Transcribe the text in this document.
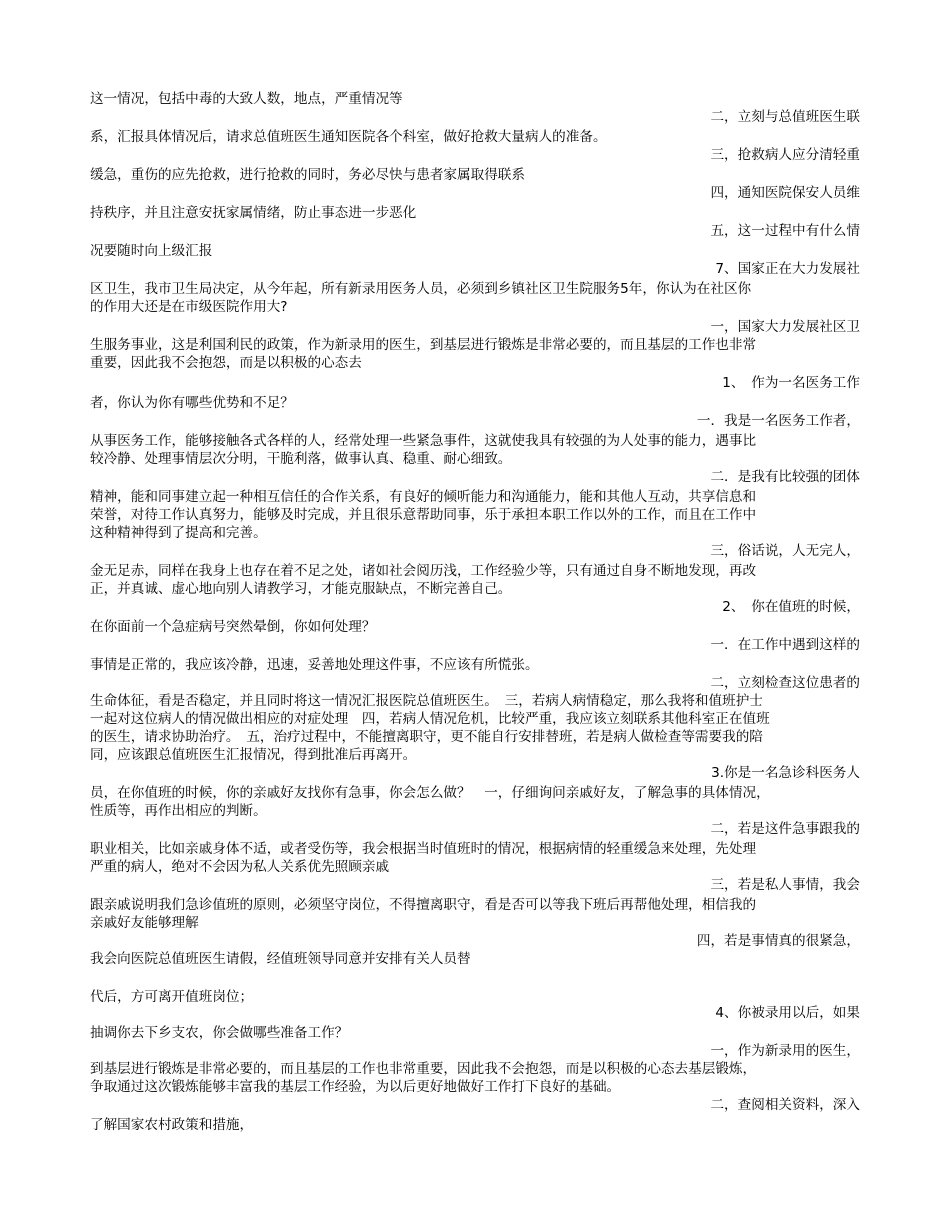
这一情况，包括中毒的大致人数，地点，严重情况等
二，立刻与总值班医生联
系，汇报具体情况后，请求总值班医生通知医院各个科室，做好抢救大量病人的准备。
三，抢救病人应分清轻重
缓急，重伤的应先抢救，进行抢救的同时，务必尽快与患者家属取得联系
四，通知医院保安人员维
持秩序，并且注意安抚家属情绪，防止事态进一步恶化
五，这一过程中有什么情
况要随时向上级汇报
7、国家正在大力发展社
区卫生，我市卫生局决定，从今年起，所有新录用医务人员，必须到乡镇社区卫生院服务5年，你认为在社区你
的作用大还是在市级医院作用大?
一，国家大力发展社区卫
生服务事业，这是利国利民的政策，作为新录用的医生，到基层进行锻炼是非常必要的，而且基层的工作也非常
重要，因此我不会抱怨，而是以积极的心态去
1、　作为一名医务工作
者，你认为你有哪些优势和不足？
一．我是一名医务工作者，
从事医务工作，能够接触各式各样的人，经常处理一些紧急事件，这就使我具有较强的为人处事的能力，遇事比
较冷静、处理事情层次分明，干脆利落，做事认真、稳重、耐心细致。
二．是我有比较强的团体
精神，能和同事建立起一种相互信任的合作关系，有良好的倾听能力和沟通能力，能和其他人互动，共享信息和
荣誉，对待工作认真努力，能够及时完成，并且很乐意帮助同事，乐于承担本职工作以外的工作，而且在工作中
这种精神得到了提高和完善。
三，俗话说，人无完人，
金无足赤，同样在我身上也存在着不足之处，诸如社会阅历浅，工作经验少等，只有通过自身不断地发现，再改
正，并真诚、虚心地向别人请教学习，才能克服缺点，不断完善自己。
2、　你在值班的时候，
在你面前一个急症病号突然晕倒，你如何处理？
一．在工作中遇到这样的
事情是正常的，我应该冷静，迅速，妥善地处理这件事，不应该有所慌张。
二，立刻检查这位患者的
生命体征，看是否稳定，并且同时将这一情况汇报医院总值班医生。　三，若病人病情稳定，那么我将和值班护士
一起对这位病人的情况做出相应的对症处理　四，若病人情况危机，比较严重，我应该立刻联系其他科室正在值班
的医生，请求协助治疗。　五，治疗过程中，不能擅离职守，更不能自行安排替班，若是病人做检查等需要我的陪
同，应该跟总值班医生汇报情况，得到批准后再离开。
3.你是一名急诊科医务人
员，在你值班的时候，你的亲戚好友找你有急事，你会怎么做？　一，仔细询问亲戚好友，了解急事的具体情况，
性质等，再作出相应的判断。
二，若是这件急事跟我的
职业相关，比如亲戚身体不适，或者受伤等，我会根据当时值班时的情况，根据病情的轻重缓急来处理，先处理
严重的病人，绝对不会因为私人关系优先照顾亲戚
三，若是私人事情，我会
跟亲戚说明我们急诊值班的原则，必须坚守岗位，不得擅离职守，看是否可以等我下班后再帮他处理，相信我的
亲戚好友能够理解
四，若是事情真的很紧急，
我会向医院总值班医生请假，经值班领导同意并安排有关人员替
代后，方可离开值班岗位；
4、你被录用以后，如果
抽调你去下乡支农，你会做哪些准备工作？
一，作为新录用的医生，
到基层进行锻炼是非常必要的，而且基层的工作也非常重要，因此我不会抱怨，而是以积极的心态去基层锻炼，
争取通过这次锻炼能够丰富我的基层工作经验，为以后更好地做好工作打下良好的基础。
二，查阅相关资料，深入
了解国家农村政策和措施，
